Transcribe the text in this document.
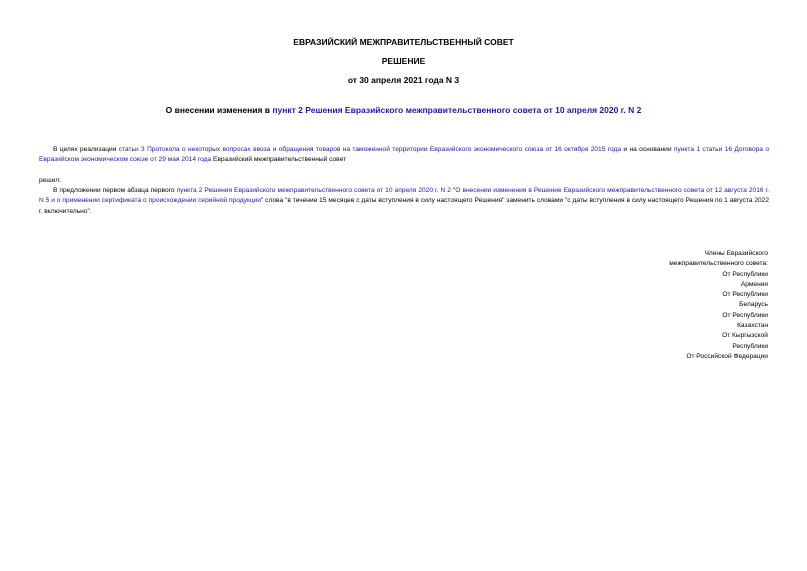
ЕВРАЗИЙСКИЙ МЕЖПРАВИТЕЛЬСТВЕННЫЙ СОВЕТ
РЕШЕНИЕ
от 30 апреля 2021 года N 3
О внесении изменения в пункт 2 Решения Евразийского межправительственного совета от 10 апреля 2020 г. N 2
В целях реализации статьи 3 Протокола о некоторых вопросах ввоза и обращения товаров на таможенной территории Евразийского экономического союза от 16 октября 2015 года и на основании пункта 1 статьи 16 Договора о Евразийском экономическом союзе от 29 мая 2014 года Евразийский межправительственный совет
решил:
В предложении первом абзаца первого пункта 2 Решения Евразийского межправительственного совета от 10 апреля 2020 г. N 2 "О внесении изменения в Решение Евразийского межправительственного совета от 12 августа 2016 г. N 5 и о применении сертификата о происхождении серийной продукции" слова "в течение 15 месяцев с даты вступления в силу настоящего Решения" заменить словами "с даты вступления в силу настоящего Решения по 1 августа 2022 г. включительно".
Члены Евразийского
межправительственного совета:
От Республики
Армения
От Республики
Беларусь
От Республики
Казахстан
От Кыргызской
Республики
От Российской Федерации
